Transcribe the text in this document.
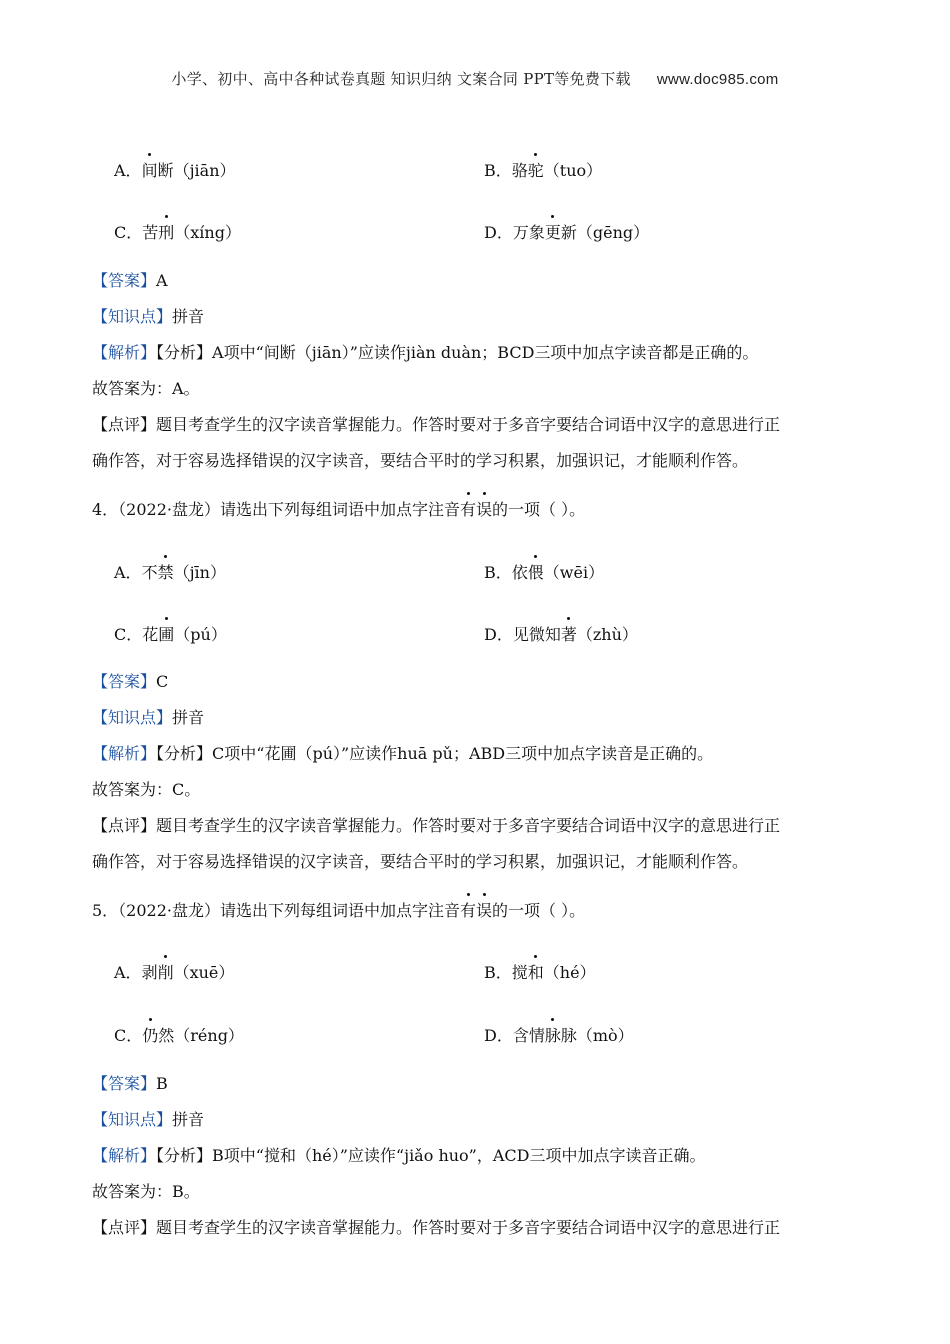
小学、初中、高中各种试卷真题 知识归纳 文案合同 PPT等免费下载 www.doc985.com
A．间断（jiān）	B．骆驼（tuo）
C．苦刑（xíng）	D．万象更新（gēng）
【答案】A
【知识点】拼音
【解析】【分析】A项中“间断（jiān）”应读作jiàn duàn；BCD三项中加点字读音都是正确的。
故答案为：A。
【点评】题目考查学生的汉字读音掌握能力。作答时要对于多音字要结合词语中汉字的意思进行正
确作答，对于容易选择错误的汉字读音，要结合平时的学习积累，加强识记，才能顺利作答。
4．（2022·盘龙）请选出下列每组词语中加点字注音有误的一项（ ）。
A．不禁（jīn）	B．依偎（wēi）
C．花圃（pú）	D．见微知著（zhù）
【答案】C
【知识点】拼音
【解析】【分析】C项中“花圃（pú）”应读作huā pǔ；ABD三项中加点字读音是正确的。
故答案为：C。
【点评】题目考查学生的汉字读音掌握能力。作答时要对于多音字要结合词语中汉字的意思进行正
确作答，对于容易选择错误的汉字读音，要结合平时的学习积累，加强识记，才能顺利作答。
5．（2022·盘龙）请选出下列每组词语中加点字注音有误的一项（ ）。
A．剥削（xuē）	B．搅和（hé）
C．仍然（réng）	D．含情脉脉（mò）
【答案】B
【知识点】拼音
【解析】【分析】B项中“搅和（hé）”应读作“jiǎo huo”，ACD三项中加点字读音正确。
故答案为：B。
【点评】题目考查学生的汉字读音掌握能力。作答时要对于多音字要结合词语中汉字的意思进行正
